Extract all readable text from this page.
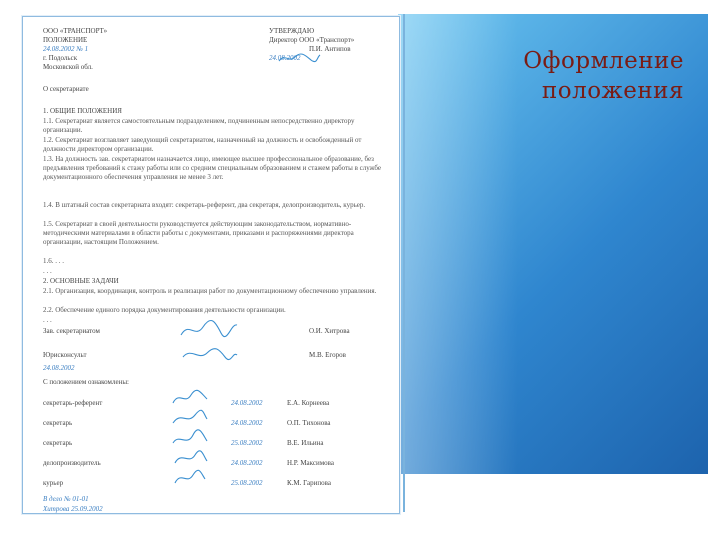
Оформление
положения
ООО «ТРАНСПОРТ»
ПОЛОЖЕНИЕ
24.08.2002 № 1
г. Подольск
Московской обл.
УТВЕРЖДАЮ
Директор ООО «Транспорт»
П.И. Антипов
24.08.2002
О секретариате
1. ОБЩИЕ ПОЛОЖЕНИЯ
1.1. Секретариат является самостоятельным подразделением, подчиненным непосредственно директору организации.
1.2. Секретариат возглавляет заведующий секретариатом, назначенный на должность и освобожденный от должности директором организации.
1.3. На должность зав. секретариатом назначается лицо, имеющее высшее профессиональное образование, без предъявления требований к стажу работы или со средним специальным образованием и стажем работы в службе документационного обеспечения управления не менее 3 лет.
1.4. В штатный состав секретариата входят: секретарь-референт, два секретаря, делопроизводитель, курьер.
1.5. Секретариат в своей деятельности руководствуется действующим законодательством, нормативно-методическими материалами в области работы с документами, приказами и распоряжениями директора организации, настоящим Положением.
1.6. . . .
. . .
2. ОСНОВНЫЕ ЗАДАЧИ
2.1. Организация, координация, контроль и реализация работ по документационному обеспечению управления.
2.2. Обеспечение единого порядка документирования деятельности организации.
. . .
Зав. секретариатом	О.И. Хитрова
Юрисконсульт	М.В. Егоров
24.08.2002
С положением ознакомлены:
секретарь-референт	24.08.2002	Е.А. Корнеева
секретарь	24.08.2002	О.П. Тихонова
секретарь	25.08.2002	В.Е. Ильина
делопроизводитель	24.08.2002	Н.Р. Максимова
курьер	25.08.2002	К.М. Гарипова
В дело № 01-01
Хитрова 25.09.2002
